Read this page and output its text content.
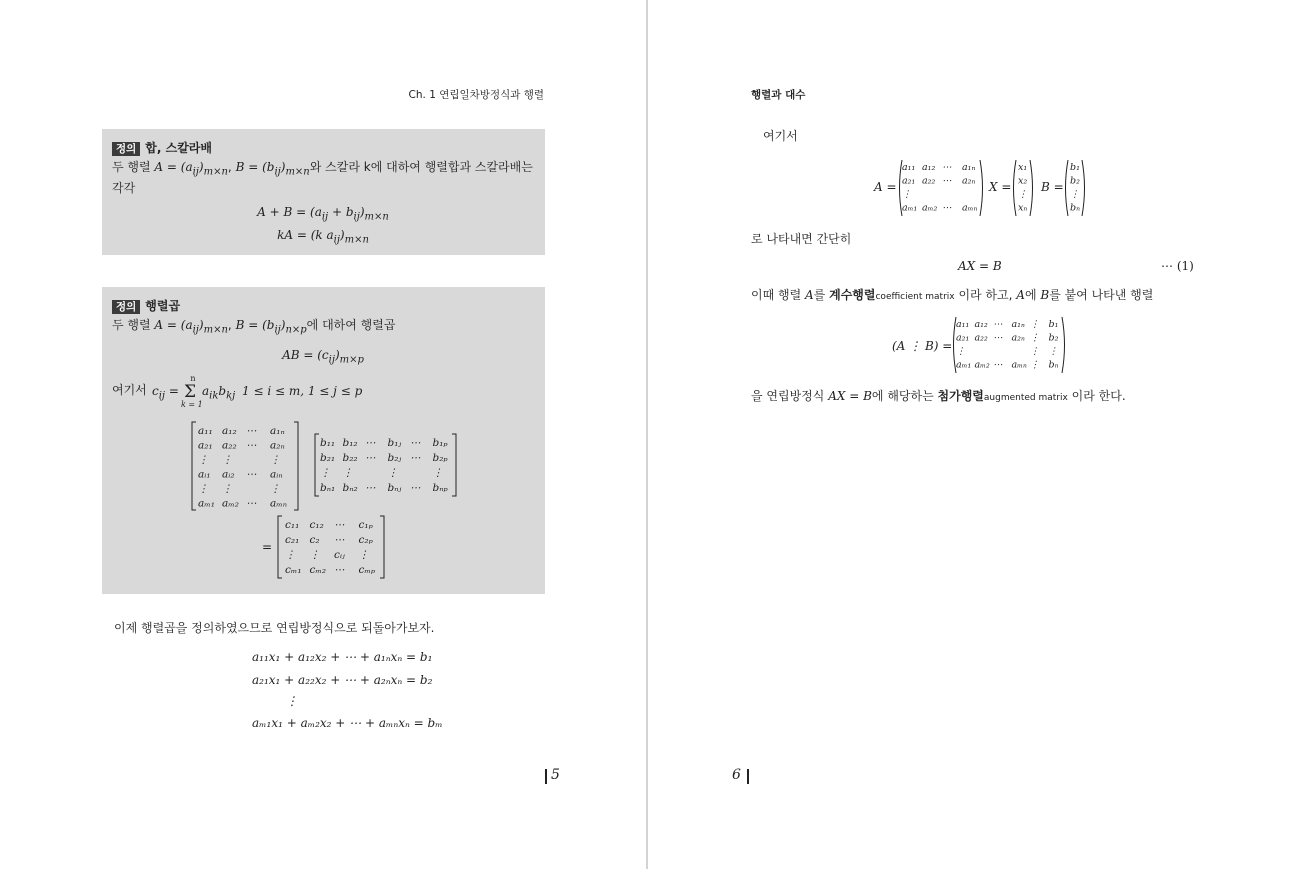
Ch. 1 연립일차방정식과 행렬
정의 합, 스칼라배
두 행렬 $A = (a_{ij})_{m\times n}$, $B = (b_{ij})_{m\times n}$와 스칼라 k에 대하여 행렬합과 스칼라배는
각각
$A + B = (a_{ij} + b_{ij})_{m\times n}$
kA = (k $a_{ij})_{m\times n}$
정의 행렬곱
두 행렬 $A = (a_{ij})_{m\times n}$, $B = (b_{ij})_{n\times p}$에 대하여 행렬곱
AB = $(c_{ij})_{m\times p}$
여기서 $c_{ij}$ =
n
Σ
k = 1
$a_{ik}b_{kj}$ 1 ≤ i ≤ m, 1 ≤ j ≤ p
a₁₁ a₁₂ ⋯ a₁ₙ
a₂₁ a₂₂ ⋯ a₂ₙ
⋮ ⋮	⋮
aᵢ₁ aᵢ₂ ⋯ aᵢₙ
⋮ ⋮	⋮
aₘ₁ aₘ₂ ⋯ aₘₙ
b₁₁ b₁₂ ⋯ b₁ⱼ ⋯ b₁ₚ
b₂₁ b₂₂ ⋯ b₂ⱼ ⋯ b₂ₚ
⋮ ⋮	⋮	⋮
bₙ₁ bₙ₂ ⋯ bₙⱼ ⋯ bₙₚ
=
c₁₁ c₁₂ ⋯ c₁ₚ
c₂₁ c₂ ⋯ c₂ₚ
⋮ ⋮ cᵢⱼ ⋮
cₘ₁ cₘ₂ ⋯ cₘₚ
이제 행렬곱을 정의하였으므로 연립방정식으로 되돌아가보자.
a₁₁x₁ + a₁₂x₂ + ⋯ + a₁ₙxₙ = b₁
a₂₁x₁ + a₂₂x₂ + ⋯ + a₂ₙxₙ = b₂
⋮
aₘ₁x₁ + aₘ₂x₂ + ⋯ + aₘₙxₙ = bₘ
5
행렬과 대수
여기서
A =
a₁₁ a₁₂ ⋯ a₁ₙ
a₂₁ a₂₂ ⋯ a₂ₙ
⋮
aₘ₁ aₘ₂ ⋯ aₘₙ
X =
x₁
x₂
⋮
xₙ
B =
b₁
b₂
⋮
bₙ
로 나타내면 간단히
AX = B	⋯ (1)
이때 행렬 A를 계수행렬coefficient matrix 이라 하고, A에 B를 붙여 나타낸 행렬
(A ⋮ B) =
a₁₁ a₁₂ ⋯ a₁ₙ ⋮ b₁
a₂₁ a₂₂ ⋯ a₂ₙ ⋮ b₂
⋮	⋮ ⋮
aₘ₁ aₘ₂ ⋯ aₘₙ ⋮ bₙ
을 연립방정식 AX = B에 해당하는 첨가행렬augmented matrix 이라 한다.
6
